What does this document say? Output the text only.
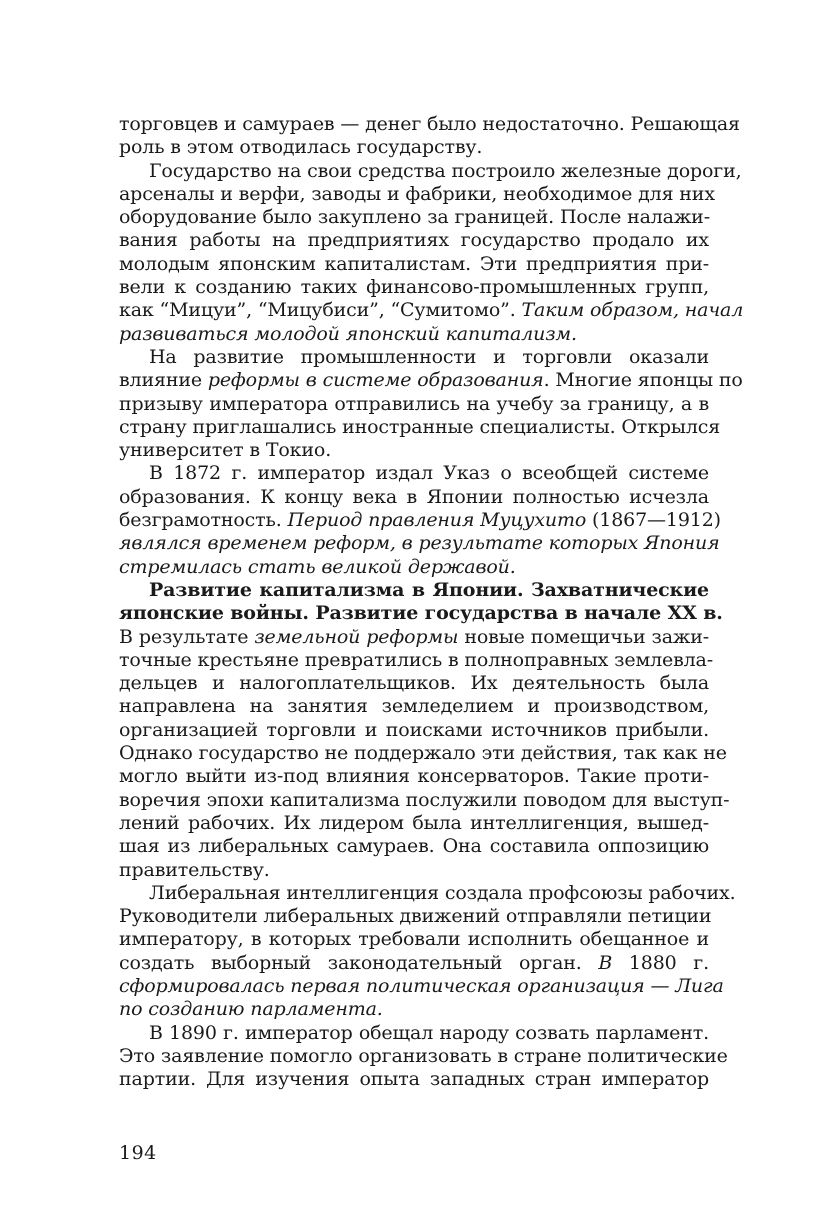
торговцев и самураев — денег было недостаточно. Решающая
роль в этом отводилась государству.
Государство на свои средства построило железные дороги,
арсеналы и верфи, заводы и фабрики, необходимое для них
оборудование было закуплено за границей. После налажи-
вания работы на предприятиях государство продало их
молодым японским капиталистам. Эти предприятия при-
вели к созданию таких финансово-промышленных групп,
как “Мицуи”, “Мицубиси”, “Сумитомо”. Таким образом, начал
развиваться молодой японский капитализм.
На развитие промышленности и торговли оказали
влияние реформы в системе образования. Многие японцы по
призыву императора отправились на учебу за границу, а в
страну приглашались иностранные специалисты. Открылся
университет в Токио.
В 1872 г. император издал Указ о всеобщей системе
образования. К концу века в Японии полностью исчезла
безграмотность. Период правления Муцухито (1867—1912)
являлся временем реформ, в результате которых Япония
стремилась стать великой державой.
Развитие капитализма в Японии. Захватнические
японские войны. Развитие государства в начале XX в.
В результате земельной реформы новые помещичьи зажи-
точные крестьяне превратились в полноправных землевла-
дельцев и налогоплательщиков. Их деятельность была
направлена на занятия земледелием и производством,
организацией торговли и поисками источников прибыли.
Однако государство не поддержало эти действия, так как не
могло выйти из-под влияния консерваторов. Такие проти-
воречия эпохи капитализма послужили поводом для выступ-
лений рабочих. Их лидером была интеллигенция, вышед-
шая из либеральных самураев. Она составила оппозицию
правительству.
Либеральная интеллигенция создала профсоюзы рабочих.
Руководители либеральных движений отправляли петиции
императору, в которых требовали исполнить обещанное и
создать выборный законодательный орган. В 1880 г.
сформировалась первая политическая организация — Лига
по созданию парламента.
В 1890 г. император обещал народу созвать парламент.
Это заявление помогло организовать в стране политические
партии. Для изучения опыта западных стран император
194
